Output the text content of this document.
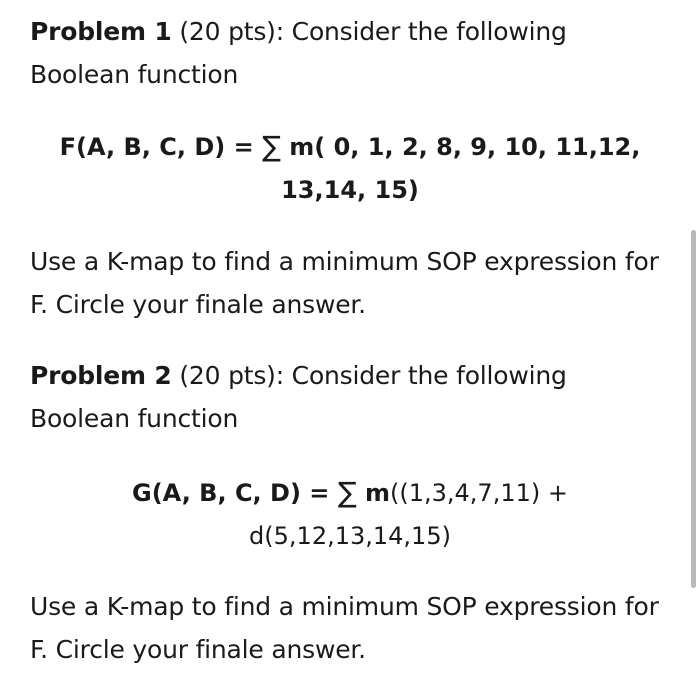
Problem 1 (20 pts): Consider the following
Boolean function
F(A, B, C, D) = ∑ m( 0, 1, 2, 8, 9, 10, 11,12,
13,14, 15)
Use a K-map to find a minimum SOP expression for
F. Circle your finale answer.
Problem 2 (20 pts): Consider the following
Boolean function
G(A, B, C, D) = ∑ m((1,3,4,7,11) +
d(5,12,13,14,15)
Use a K-map to find a minimum SOP expression for
F. Circle your finale answer.
